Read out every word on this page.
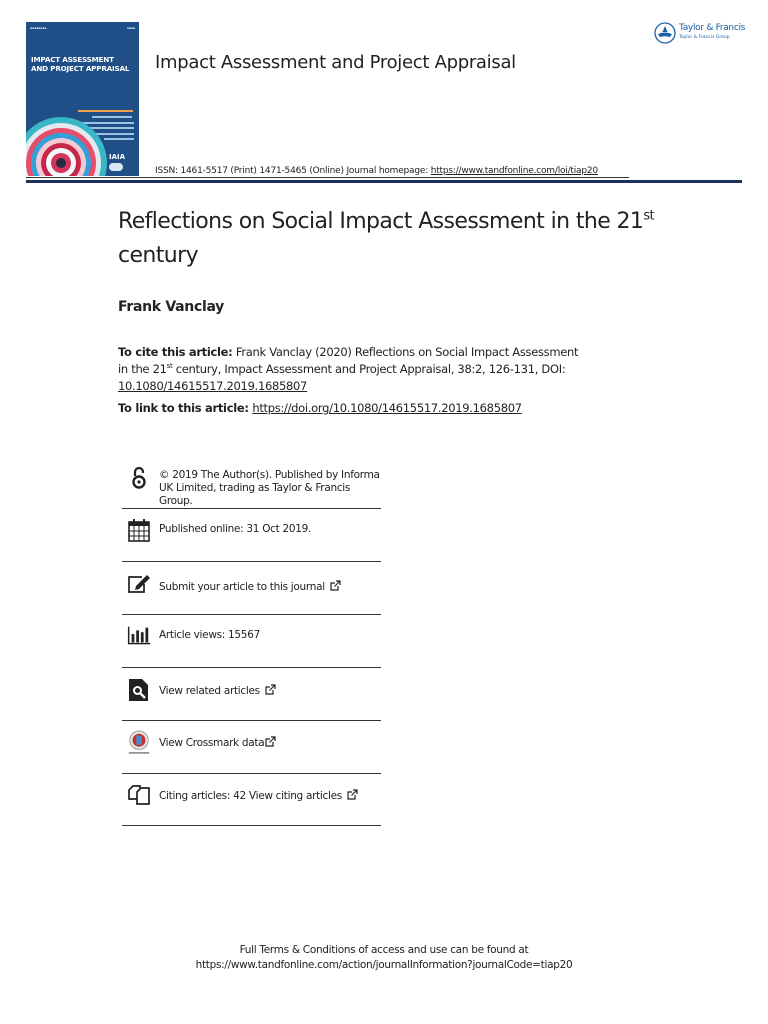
▪▪▪▪▪▪▪▪	▪▪▪▪
IMPACT ASSESSMENT
AND PROJECT APPRAISAL
IAIA
Impact Assessment and Project Appraisal
Taylor & Francis
Taylor & Francis Group
ISSN: 1461-5517 (Print) 1471-5465 (Online) Journal homepage: https://www.tandfonline.com/loi/tiap20
Reflections on Social Impact Assessment in the 21st century
Frank Vanclay
To cite this article: Frank Vanclay (2020) Reflections on Social Impact Assessment in the 21st century, Impact Assessment and Project Appraisal, 38:2, 126-131, DOI: 10.1080/14615517.2019.1685807
To link to this article: https://doi.org/10.1080/14615517.2019.1685807
© 2019 The Author(s). Published by Informa UK Limited, trading as Taylor & Francis Group.
Published online: 31 Oct 2019.
Submit your article to this journal
Article views: 15567
View related articles
View Crossmark data
Citing articles: 42 View citing articles
Full Terms & Conditions of access and use can be found at
https://www.tandfonline.com/action/journalInformation?journalCode=tiap20
